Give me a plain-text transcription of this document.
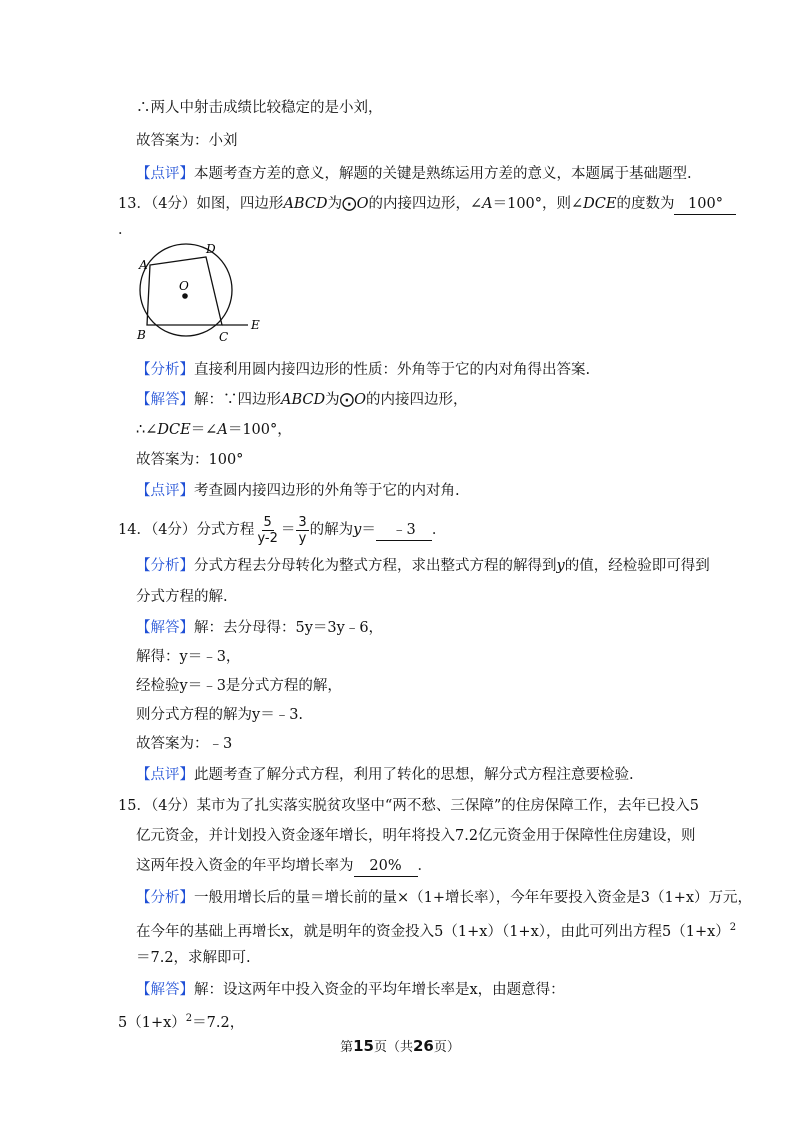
∴两人中射击成绩比较稳定的是小刘，
故答案为：小刘
【点评】本题考查方差的意义，解题的关键是熟练运用方差的意义，本题属于基础题型.
13．（4分）如图，四边形ABCD为⨀O的内接四边形，∠A＝100°，则∠DCE的度数为 100°
．
A
D
O
B	C
E
【分析】直接利用圆内接四边形的性质：外角等于它的内对角得出答案.
【解答】解：∵四边形ABCD为⨀O的内接四边形，
∴∠DCE＝∠A＝100°，
故答案为：100°
【点评】考查圆内接四边形的外角等于它的内对角.
14．（4分）分式方程 $\frac{5}{y-2} = \frac{3}{y}$ 的解为y＝ ﹣3 ．
【分析】分式方程去分母转化为整式方程，求出整式方程的解得到y的值，经检验即可得到
分式方程的解.
【解答】解：去分母得：5y＝3y﹣6，
解得：y＝﹣3，
经检验y＝﹣3是分式方程的解，
则分式方程的解为y＝﹣3.
故答案为：﹣3
【点评】此题考查了解分式方程，利用了转化的思想，解分式方程注意要检验.
15．（4分）某市为了扎实落实脱贫攻坚中“两不愁、三保障”的住房保障工作，去年已投入5
亿元资金，并计划投入资金逐年增长，明年将投入7.2亿元资金用于保障性住房建设，则
这两年投入资金的年平均增长率为 20% ．
【分析】一般用增长后的量＝增长前的量×（1+增长率），今年年要投入资金是3（1+x）万元，
在今年的基础上再增长x，就是明年的资金投入5（1+x）（1+x），由此可列出方程$5(1+x)^2$
＝7.2，求解即可.
【解答】解：设这两年中投入资金的平均年增长率是x，由题意得：
$5(1+x)^2=7.2$，
第15页（共26页）
